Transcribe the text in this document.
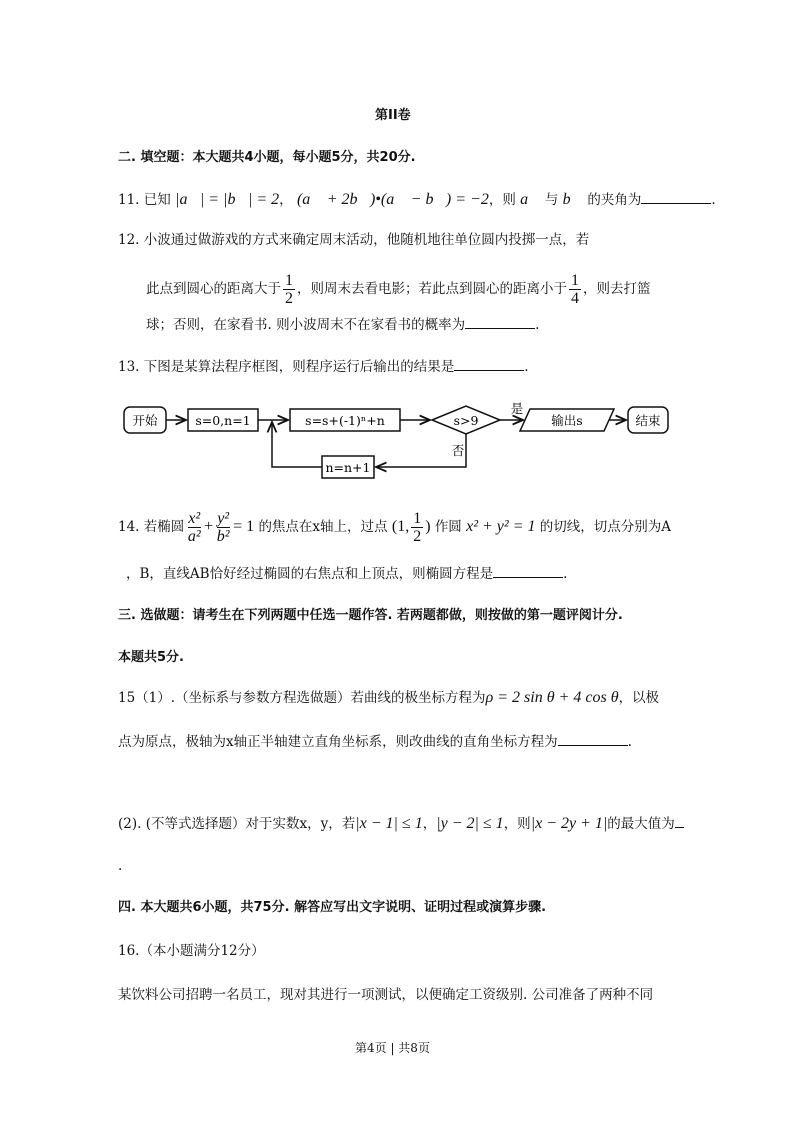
第II卷
二. 填空题：本大题共4小题，每小题5分，共20分.
11. 已知 |a⃗| = |b⃗| = 2， (a⃗ + 2b⃗)•(a⃗ − b⃗) = −2，则 a⃗ 与 b⃗ 的夹角为	.
12. 小波通过做游戏的方式来确定周末活动，他随机地往单位圆内投掷一点，若
此点到圆心的距离大于 $\frac{1}{2}$ ，则周末去看电影；若此点到圆心的距离小于 $\frac{1}{4}$ ，则去打篮
球；否则，在家看书. 则小波周末不在家看书的概率为	.
13. 下图是某算法程序框图，则程序运行后输出的结果是	.
开始	s=0,n=1	s=s+(-1)ⁿ+n	s>9
是
否
输出s	结束
n=n+1
14. 若椭圆 $\frac{\text{x²}}{\text{a²}} + \frac{\text{y²}}{\text{b²}} = 1$ 的焦点在x轴上，过点 (1, $\frac{1}{2}$ ) 作圆 x² + y² = 1 的切线，切点分别为A
，B，直线AB恰好经过椭圆的右焦点和上顶点，则椭圆方程是	.
三. 选做题：请考生在下列两题中任选一题作答. 若两题都做，则按做的第一题评阅计分.
本题共5分.
15（1）.（坐标系与参数方程选做题）若曲线的极坐标方程为ρ = 2 sin θ + 4 cos θ，以极
点为原点，极轴为x轴正半轴建立直角坐标系，则改曲线的直角坐标方程为	.
(2). (不等式选择题）对于实数x，y，若|x − 1| ≤ 1，|y − 2| ≤ 1，则|x − 2y + 1|的最大值为
.
四. 本大题共6小题，共75分. 解答应写出文字说明、证明过程或演算步骤.
16.（本小题满分12分）
某饮料公司招聘一名员工，现对其进行一项测试，以便确定工资级别. 公司准备了两种不同
第4页 | 共8页
